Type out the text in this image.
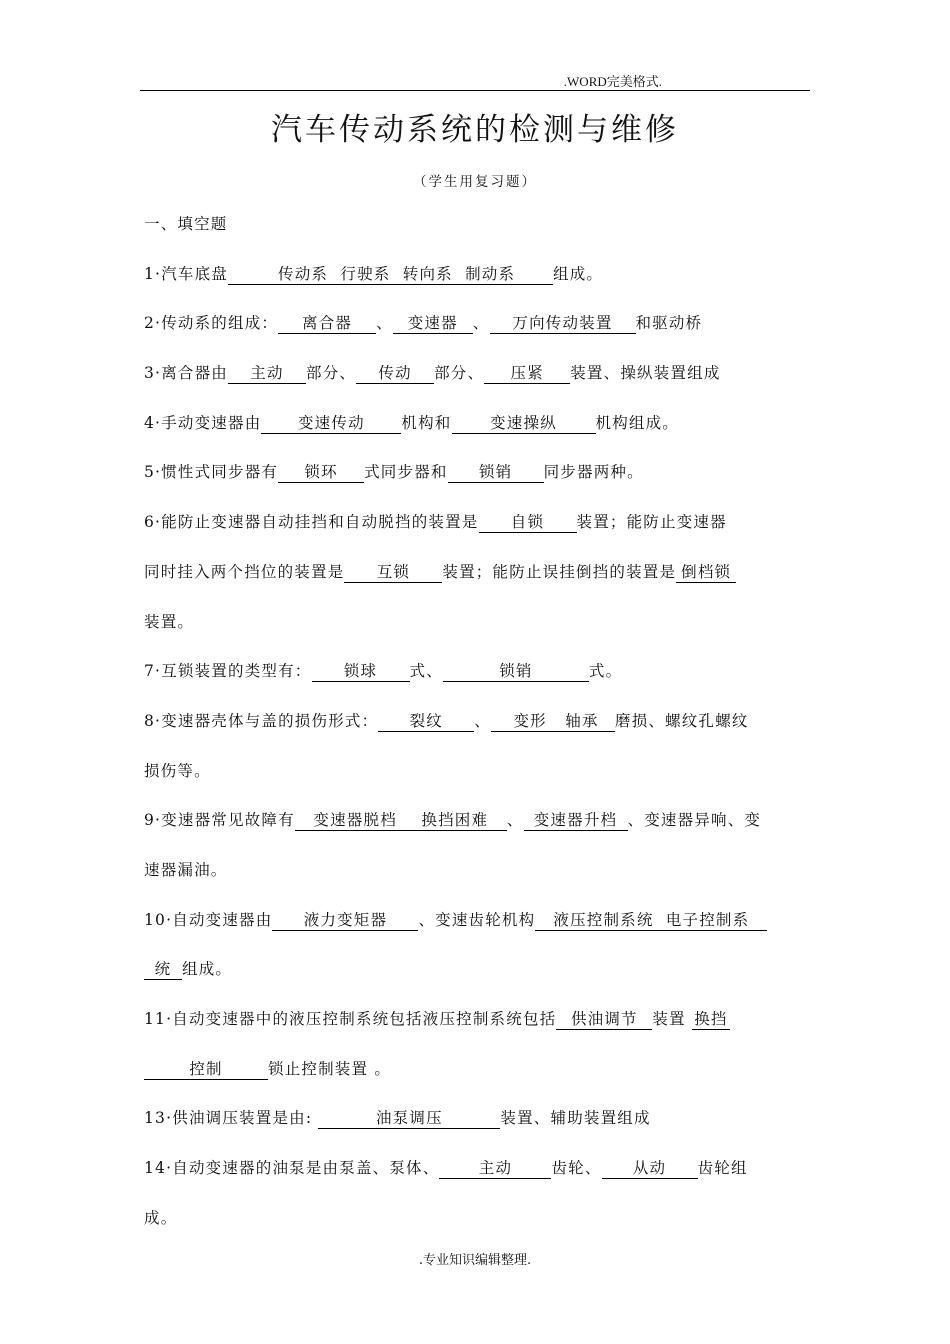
.WORD完美格式.
汽车传动系统的检测与维修
（学生用复习题）
一、填空题
1·汽车底盘  传动系  行驶系  转向系  制动系 组成。
2·传动系的组成： 离合器 、 变速器 、 万向传动装置 和驱动桥
3·离合器由 主动 部分、 传动 部分、 压紧 装置、操纵装置组成
4·手动变速器由 变速传动 机构和 变速操纵 机构组成。
5·惯性式同步器有 锁环 式同步器和 锁销 同步器两种。
6·能防止变速器自动挂挡和自动脱挡的装置是 自锁 装置；能防止变速器
同时挂入两个挡位的装置是 互锁 装置；能防止误挂倒挡的装置是 倒档锁
装置。
7·互锁装置的类型有： 锁球 式、	锁销	式。
8·变速器壳体与盖的损伤形式： 裂纹 、 变形   轴承 磨损、螺纹孔螺纹
损伤等。
9·变速器常见故障有 变速器脱档    换挡困难 、 变速器升档 、变速器异响、变
速器漏油。
10·自动变速器由 液力变矩器 、变速齿轮机构 液压控制系统  电子控制系
统 组成。
11·自动变速器中的液压控制系统包括液压控制系统包括 供油调节 装置 换挡
控制	锁止控制装置 。
13·供油调压装置是由:	油泵调压	装置、辅助装置组成
14·自动变速器的油泵是由泵盖、泵体、	主动	齿轮、 从动 齿轮组
成。
.专业知识编辑整理.
